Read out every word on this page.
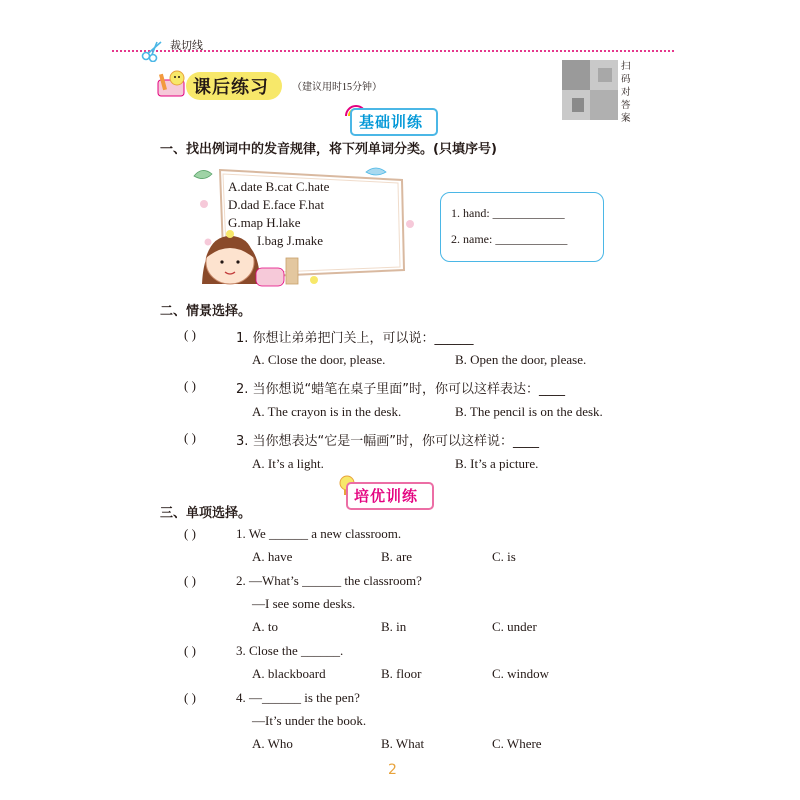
裁切线
课后练习 （建议用时15分钟）
扫码对答案
基础训练
一、找出例词中的发音规律，将下列单词分类。(只填序号)
A.date B.cat C.hate
D.dad E.face F.hat
G.map H.lake
I.bag J.make
1. hand: ____________
2. name: ____________
二、情景选择。
( )	1. 你想让弟弟把门关上，可以说：______
A. Close the door, please.	B. Open the door, please.
( )	2. 当你想说“蜡笔在桌子里面”时，你可以这样表达：____
A. The crayon is in the desk.	B. The pencil is on the desk.
( )	3. 当你想表达“它是一幅画”时，你可以这样说：____
A. It’s a light.	B. It’s a picture.
培优训练
三、单项选择。
( )	1. We ______ a new classroom.
A. have	B. are	C. is
( )	2. —What’s ______ the classroom?
—I see some desks.
A. to	B. in	C. under
( )	3. Close the ______.
A. blackboard	B. floor	C. window
( )	4. —______ is the pen?
—It’s under the book.
A. Who	B. What	C. Where
2
